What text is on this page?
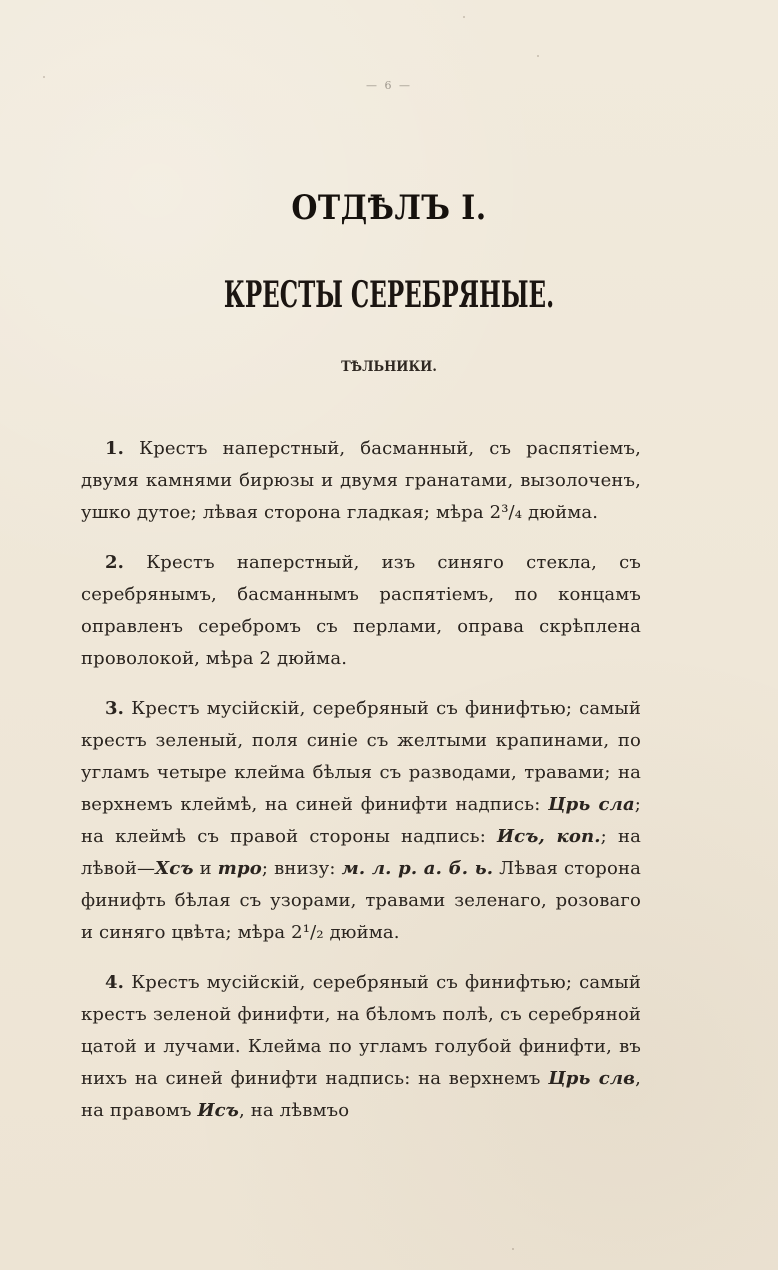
— 6 —
ОТДѢЛЪ I.
КРЕСТЫ СЕРЕБРЯНЫЕ.
ТѢЛЬНИКИ.

1. Крестъ наперстный, басманный, съ распятіемъ, двумя камнями бирюзы и двумя гранатами, вызолоченъ, ушко дутое; лѣвая сторона гладкая; мѣра 2³/₄ дюйма.

2. Крестъ наперстный, изъ синяго стекла, съ серебрянымъ, басманнымъ распятіемъ, по концамъ оправленъ серебромъ съ перлами, оправа скрѣплена проволокой, мѣра 2 дюйма.

3. Крестъ мусійскій, серебряный съ финифтью; самый крестъ зеленый, поля синіе съ желтыми крапинами, по угламъ четыре клейма бѣлыя съ разводами, травами; на верхнемъ клеймѣ, на синей финифти надпись: Црь сла; на клеймѣ съ правой стороны надпись: Исъ, коп.; на лѣвой—Хсъ и тро; внизу: м. л. р. а. б. ь. Лѣвая сторона финифть бѣлая съ узорами, травами зеленаго, розоваго и синяго цвѣта; мѣра 2¹/₂ дюйма.

4. Крестъ мусійскій, серебряный съ финифтью; самый крестъ зеленой финифти, на бѣломъ полѣ, съ серебряной цатой и лучами. Клейма по угламъ голубой финифти, въ нихъ на синей финифти надпись: на верхнемъ Црь слв, на правомъ Исъ, на лѣвмъо
